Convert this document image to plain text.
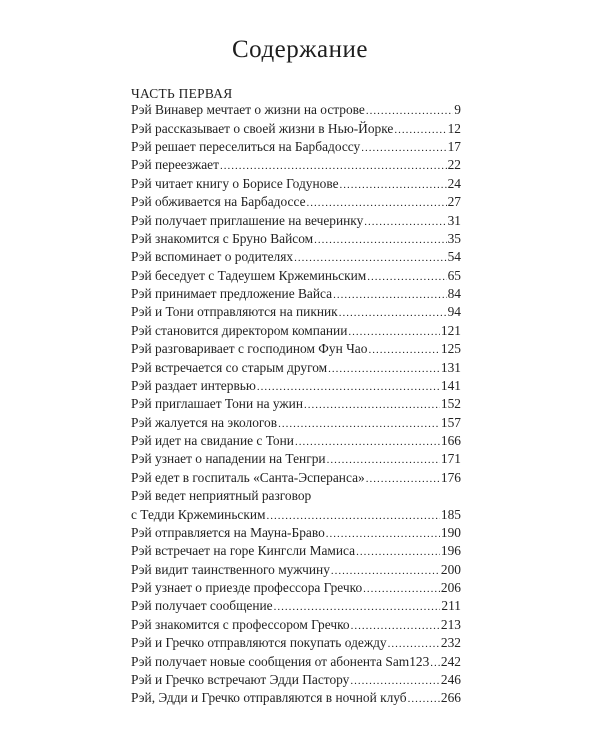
Содержание
ЧАСТЬ ПЕРВАЯ
Рэй Винавер мечтает о жизни на острове .....	9
Рэй рассказывает о своей жизни в Нью-Йорке .....	12
Рэй решает переселиться на Барбадоссу .....	17
Рэй переезжает .....	22
Рэй читает книгу о Борисе Годунове .....	24
Рэй обживается на Барбадоссе .....	27
Рэй получает приглашение на вечеринку .....	31
Рэй знакомится с Бруно Вайсом .....	35
Рэй вспоминает о родителях .....	54
Рэй беседует с Тадеушем Кржеминьским .....	65
Рэй принимает предложение Вайса .....	84
Рэй и Тони отправляются на пикник .....	94
Рэй становится директором компании .....	121
Рэй разговаривает с господином Фун Чао .....	125
Рэй встречается со старым другом .....	131
Рэй раздает интервью .....	141
Рэй приглашает Тони на ужин .....	152
Рэй жалуется на экологов .....	157
Рэй идет на свидание с Тони .....	166
Рэй узнает о нападении на Тенгри .....	171
Рэй едет в госпиталь «Санта-Эсперанса» .....	176
Рэй ведет неприятный разговор
с Тедди Кржеминьским .....	185
Рэй отправляется на Мауна-Браво .....	190
Рэй встречает на горе Кингсли Мамиса .....	196
Рэй видит таинственного мужчину .....	200
Рэй узнает о приезде профессора Гречко .....	206
Рэй получает сообщение .....	211
Рэй знакомится с профессором Гречко .....	213
Рэй и Гречко отправляются покупать одежду .....	232
Рэй получает новые сообщения от абонента Sam123 ..... 242
Рэй и Гречко встречают Эдди Пастору .....	246
Рэй, Эдди и Гречко отправляются в ночной клуб .....	266
